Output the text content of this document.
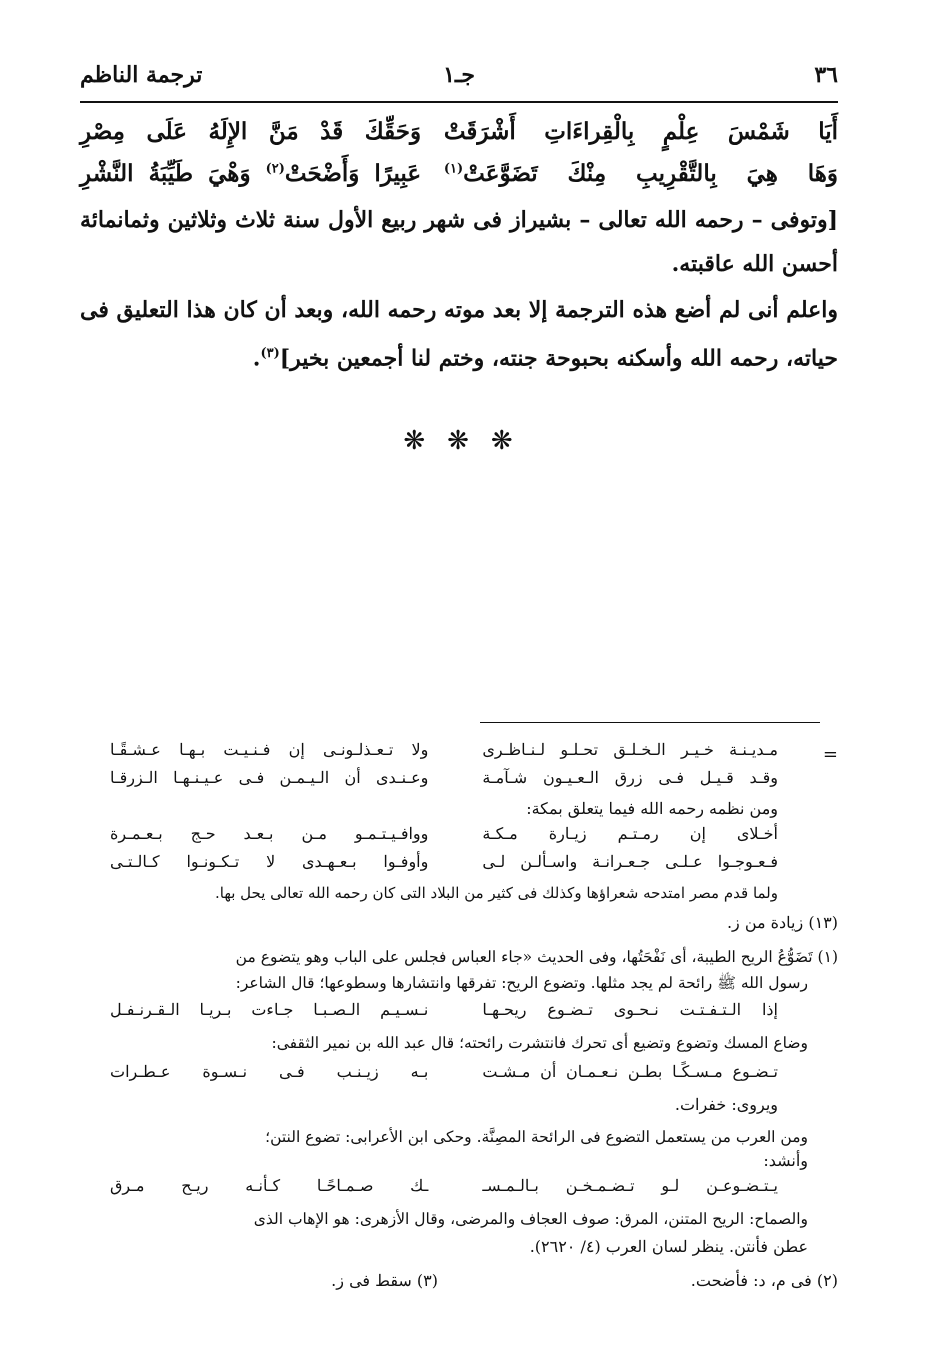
٣٦
جـ١
ترجمة الناظم
أَيَا شَمْسَ عِلْمٍ بِالْقِراءَاتِ أَشْرَقَتْ
وَحَقِّكَ قَدْ مَنَّ الإِلَهُ عَلَى مِصْرِ
وَهَا هِيَ بِالتَّقْرِيبِ مِنْكَ تَضَوَّعَتْ$^{(١)}$
عَبِيرًا وَأَضْحَتْ$^{(٢)}$ وَهْيَ طَيِّبَةُ النَّشْرِ
[وتوفى – رحمه الله تعالى – بشيراز فى شهر ربيع الأول سنة ثلاث وثلاثين وثمانمائة أحسن الله عاقبته.
واعلم أنى لم أضع هذه الترجمة إلا بعد موته رحمه الله، وبعد أن كان هذا التعليق فى حياته، رحمه الله وأسكنه بحبوحة جنته، وختم لنا أجمعين بخير]$^{(٣)}$.
❋❋❋
=
مـديـنـة خـيـر الـخـلـق تحـلـو لـنـاظـرى
ولا تـعـذلـونـى إن فـنـيـت بـهـا عـشـقًـا
وقـد قـيـل فـى زرق الـعـيـون شـآمـة
وعـنـدى أن الـيـمـن فـى عـيـنـهـا الـزرقـا
ومن نظمه رحمه الله فيما يتعلق بمكة:
أخـلاى إن رمـتـم زيـارة مـكـة
ووافـيـتـمـو مـن بـعـد حـج بـعـمـرة
فـعـوجـوا عـلـى جـعـرانـة واسـألـن لـى
وأوفـوا بـعـهـدى لا تـكـونـوا كـالـتـى
ولما قدم مصر امتدحه شعراؤها وكذلك فى كثير من البلاد التى كان رحمه الله تعالى يحل بها.
(١٣) زيادة من ز.
(١) تَضَوُّعُ الريح الطيبة، أى نَفْحَتُها، وفى الحديث «جاء العباس فجلس على الباب وهو يتضوع من
رسول الله ﷺ رائحة لم يجد مثلها. وتضوع الريح: تفرقها وانتشارها وسطوعها؛ قال الشاعر:
إذا الـتـفـتـت نـحـوى تـضـوع ريحـهـا
نـسـيـم الـصـبـا جـاءت بـريـا الـقـرنـفـل
وضاع المسك وتضوع وتضيع أى تحرك فانتشرت رائحته؛ قال عبد الله بن نمير الثقفى:
تـضـوع مـسـكًـا بطـن نـعـمـان أن مـشـت
بـه زيـنـب فـى نـسـوة عـطـرات
ويروى: خفرات.
ومن العرب من يستعمل التضوع فى الرائحة المصِنَّة. وحكى ابن الأعرابى: تضوع النتن؛
وأنشد:
يـتـضـوعـن لـو تـضـمـخـن بـالـمـسـ
ـك صـمـاحًـا كـأنـه ريـح مـرق
والصماح: الريح المتنن، المرق: صوف العجاف والمرضى، وقال الأزهرى: هو الإهاب الذى
عطن فأنتن. ينظر لسان العرب (٤/ ٢٦٢٠).
(٢) فى م، د: فأضحت.
(٣) سقط فى ز.
